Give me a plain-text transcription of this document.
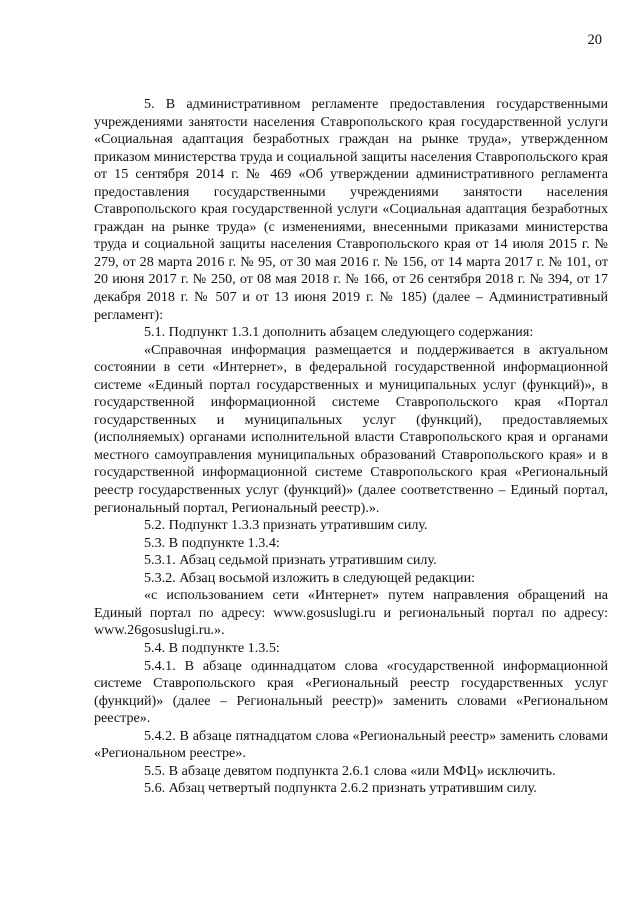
20

5. В административном регламенте предоставления государственными учреждениями занятости населения Ставропольского края государственной услуги «Социальная адаптация безработных граждан на рынке труда», утвержденном приказом министерства труда и социальной защиты населения Ставропольского края от 15 сентября 2014 г. № 469 «Об утверждении административного регламента предоставления государственными учреждениями занятости населения Ставропольского края государственной услуги «Социальная адаптация безработных граждан на рынке труда» (с изменениями, внесенными приказами министерства труда и социальной защиты населения Ставропольского края от 14 июля 2015 г. № 279, от 28 марта 2016 г. № 95, от 30 мая 2016 г. № 156, от 14 марта 2017 г. № 101, от 20 июня 2017 г. № 250, от 08 мая 2018 г. № 166, от 26 сентября 2018 г. № 394, от 17 декабря 2018 г. № 507 и от 13 июня 2019 г. № 185) (далее – Административный регламент):

5.1. Подпункт 1.3.1 дополнить абзацем следующего содержания:

«Справочная информация размещается и поддерживается в актуальном состоянии в сети «Интернет», в федеральной государственной информационной системе «Единый портал государственных и муниципальных услуг (функций)», в государственной информационной системе Ставропольского края «Портал государственных и муниципальных услуг (функций), предоставляемых (исполняемых) органами исполнительной власти Ставропольского края и органами местного самоуправления муниципальных образований Ставропольского края» и в государственной информационной системе Ставропольского края «Региональный реестр государственных услуг (функций)» (далее соответственно – Единый портал, региональный портал, Региональный реестр).».

5.2. Подпункт 1.3.3 признать утратившим силу.

5.3. В подпункте 1.3.4:

5.3.1. Абзац седьмой признать утратившим силу.

5.3.2. Абзац восьмой изложить в следующей редакции:

«с использованием сети «Интернет» путем направления обращений на Единый портал по адресу: www.gosuslugi.ru и региональный портал по адресу: www.26gosuslugi.ru.».

5.4. В подпункте 1.3.5:

5.4.1. В абзаце одиннадцатом слова «государственной информационной системе Ставропольского края «Региональный реестр государственных услуг (функций)» (далее – Региональный реестр)» заменить словами «Региональном реестре».

5.4.2. В абзаце пятнадцатом слова «Региональный реестр» заменить словами «Региональном реестре».

5.5. В абзаце девятом подпункта 2.6.1 слова «или МФЦ» исключить.

5.6. Абзац четвертый подпункта 2.6.2 признать утратившим силу.
